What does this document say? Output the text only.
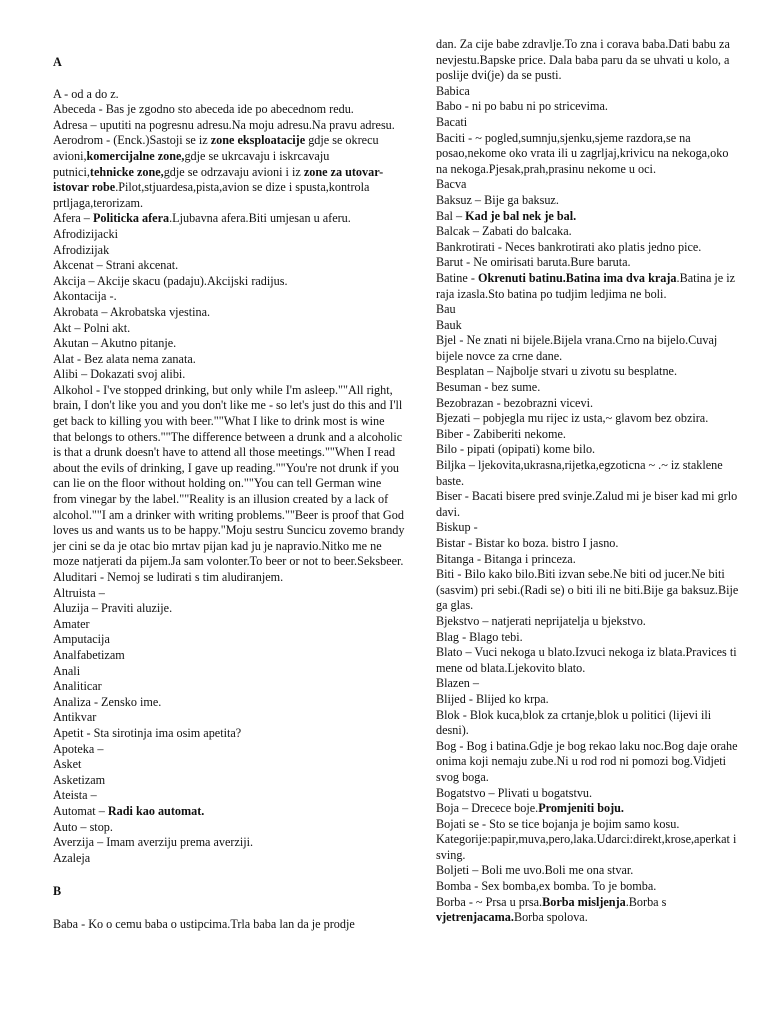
A
A - od a do z.
Abeceda - Bas je zgodno sto abeceda ide po abecednom redu.
Adresa – uputiti na pogresnu adresu.Na moju adresu.Na pravu adresu.
Aerodrom - (Enck.)Sastoji se iz zone eksploatacije gdje se okrecu avioni,komercijalne zone,gdje se ukrcavaju i iskrcavaju putnici,tehnicke zone,gdje se odrzavaju avioni i iz zone za utovar-istovar robe.Pilot,stjuardesa,pista,avion se dize i spusta,kontrola prtljaga,terorizam.
Afera – Politicka afera.Ljubavna afera.Biti umjesan u aferu.
Afrodizijacki
Afrodizijak
Akcenat – Strani akcenat.
Akcija – Akcije skacu (padaju).Akcijski radijus.
Akontacija -.
Akrobata – Akrobatska vjestina.
Akt – Polni akt.
Akutan – Akutno pitanje.
Alat - Bez alata nema zanata.
Alibi – Dokazati svoj alibi.
Alkohol - I've stopped drinking, but only while I'm asleep.""All right, brain, I don't like you and you don't like me - so let's just do this and I'll get back to killing you with beer.""What I like to drink most is wine that belongs to others.""The difference between a drunk and a alcoholic is that a drunk doesn't have to attend all those meetings.""When I read about the evils of drinking, I gave up reading.""You're not drunk if you can lie on the floor without holding on.""You can tell German wine from vinegar by the label.""Reality is an illusion created by a lack of alcohol.""I am a drinker with writing problems.""Beer is proof that God loves us and wants us to be happy."Moju sestru Suncicu zovemo brandy jer cini se da je otac bio mrtav pijan kad ju je napravio.Nitko me ne moze natjerati da pijem.Ja sam volonter.To beer or not to beer.Seksbeer.
Aluditari - Nemoj se ludirati s tim aludiranjem.
Altruista –
Aluzija – Praviti aluzije.
Amater
Amputacija
Analfabetizam
Anali
Analiticar
Analiza - Zensko ime.
Antikvar
Apetit - Sta sirotinja ima osim apetita?
Apoteka –
Asket
Asketizam
Ateista –
Automat – Radi kao automat.
Auto – stop.
Averzija – Imam averziju prema averziji.
Azaleja
B
Baba - Ko o cemu baba o ustipcima.Trla baba lan da je prodje
dan. Za cije babe zdravlje.To zna i corava baba.Dati babu za nevjestu.Bapske price. Dala baba paru da se uhvati u kolo, a poslije dvi(je) da se pusti.
Babica
Babo - ni po babu ni po stricevima.
Bacati
Baciti - ~ pogled,sumnju,sjenku,sjeme razdora,se na posao,nekome oko vrata ili u zagrljaj,krivicu na nekoga,oko na nekoga.Pjesak,prah,prasinu nekome u oci.
Bacva
Baksuz – Bije ga baksuz.
Bal – Kad je bal nek je bal.
Balcak – Zabati do balcaka.
Bankrotirati - Neces bankrotirati ako platis jedno pice.
Barut - Ne omirisati baruta.Bure baruta.
Batine - Okrenuti batinu.Batina ima dva kraja.Batina je iz raja izasla.Sto batina po tudjim ledjima ne boli.
Bau
Bauk
Bjel - Ne znati ni bijele.Bijela vrana.Crno na bijelo.Cuvaj bijele novce za crne dane.
Besplatan – Najbolje stvari u zivotu su besplatne.
Besuman - bez sume.
Bezobrazan - bezobrazni vicevi.
Bjezati – pobjegla mu rijec iz usta,~ glavom bez obzira.
Biber - Zabiberiti nekome.
Bilo - pipati (opipati) kome bilo.
Biljka – ljekovita,ukrasna,rijetka,egzoticna ~ .~ iz staklene baste.
Biser - Bacati bisere pred svinje.Zalud mi je biser kad mi grlo davi.
Biskup -
Bistar - Bistar ko boza. bistro I jasno.
Bitanga - Bitanga i princeza.
Biti - Bilo kako bilo.Biti izvan sebe.Ne biti od jucer.Ne biti (sasvim) pri sebi.(Radi se) o biti ili ne biti.Bije ga baksuz.Bije ga glas.
Bjekstvo – natjerati neprijatelja u bjekstvo.
Blag - Blago tebi.
Blato – Vuci nekoga u blato.Izvuci nekoga iz blata.Pravices ti mene od blata.Ljekovito blato.
Blazen –
Blijed - Blijed ko krpa.
Blok - Blok kuca,blok za crtanje,blok u politici (lijevi ili desni).
Bog - Bog i batina.Gdje je bog rekao laku noc.Bog daje orahe onima koji nemaju zube.Ni u rod rod ni pomozi bog.Vidjeti svog boga.
Bogatstvo – Plivati u bogatstvu.
Boja – Drecece boje.Promjeniti boju.
Bojati se - Sto se tice bojanja je bojim samo kosu. Kategorije:papir,muva,pero,laka.Udarci:direkt,krose,aperkat i sving.
Boljeti – Boli me uvo.Boli me ona stvar.
Bomba - Sex bomba,ex bomba. To je bomba.
Borba - ~ Prsa u prsa.Borba misljenja.Borba s vjetrenjacama.Borba spolova.
